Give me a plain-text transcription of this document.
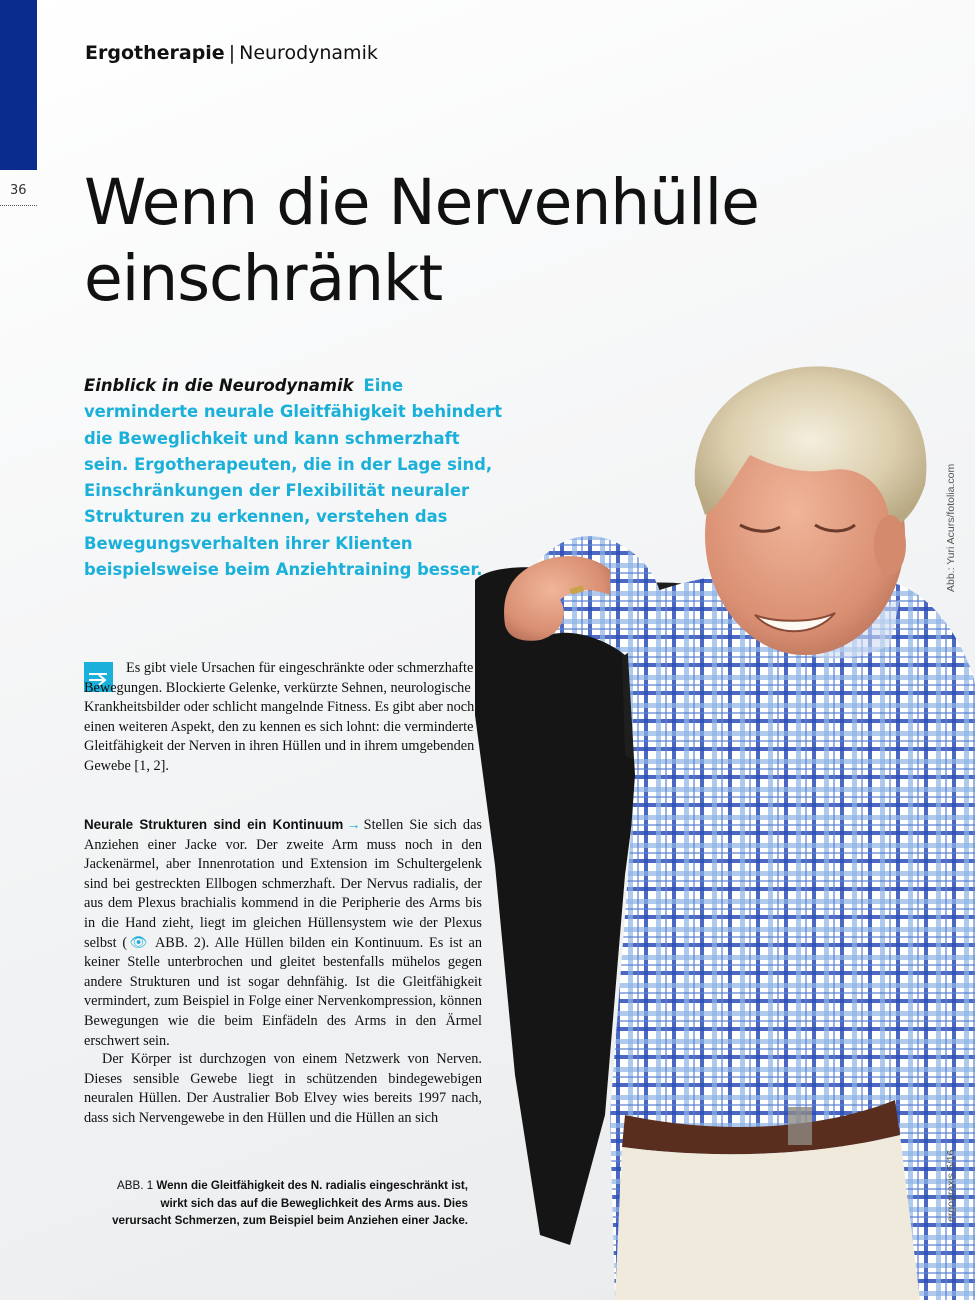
36
Ergotherapie | Neurodynamik
Wenn die Nervenhülle
einschränkt

Einblick in die Neurodynamik Eine verminderte neurale Gleitfähigkeit behindert die Beweglichkeit und kann schmerzhaft sein. Ergotherapeuten, die in der Lage sind, Einschränkungen der Flexibilität neuraler Strukturen zu erkennen, verstehen das Bewegungsverhalten ihrer Klienten beispielsweise beim Anziehtraining besser.

Es gibt viele Ursachen für eingeschränkte oder schmerzhafte Bewegungen. Blockierte Gelenke, verkürzte Sehnen, neurologische Krankheitsbilder oder schlicht mangelnde Fitness. Es gibt aber noch einen weiteren Aspekt, den zu kennen es sich lohnt: die verminderte Gleitfähigkeit der Nerven in ihren Hüllen und in ihrem umgebenden Gewebe [1, 2].

Neurale Strukturen sind ein Kontinuum → Stellen Sie sich das Anziehen einer Jacke vor. Der zweite Arm muss noch in den Jackenärmel, aber Innenrotation und Extension im Schultergelenk sind bei gestreckten Ellbogen schmerzhaft. Der Nervus radialis, der aus dem Plexus brachialis kommend in die Peripherie des Arms bis in die Hand zieht, liegt im gleichen Hüllensystem wie der Plexus selbst (👁︎ ABB. 2). Alle Hüllen bilden ein Kontinuum. Es ist an keiner Stelle unterbrochen und gleitet bestenfalls mühelos gegen andere Strukturen und ist sogar dehnfähig. Ist die Gleitfähigkeit vermindert, zum Beispiel in Folge einer Nervenkompression, können Bewegungen wie die beim Einfädeln des Arms in den Ärmel erschwert sein.

Der Körper ist durchzogen von einem Netzwerk von Nerven. Dieses sensible Gewebe liegt in schützenden bindegewebigen neuralen Hüllen. Der Australier Bob Elvey wies bereits 1997 nach, dass sich Nervengewebe in den Hüllen und die Hüllen an sich

ABB. 1 Wenn die Gleitfähigkeit des N. radialis eingeschränkt ist, wirkt sich das auf die Beweglichkeit des Arms aus. Dies verursacht Schmerzen, zum Beispiel beim Anziehen einer Jacke.

Abb.: Yuri Acurs/fotolia.com
ergopraxis 5/16
